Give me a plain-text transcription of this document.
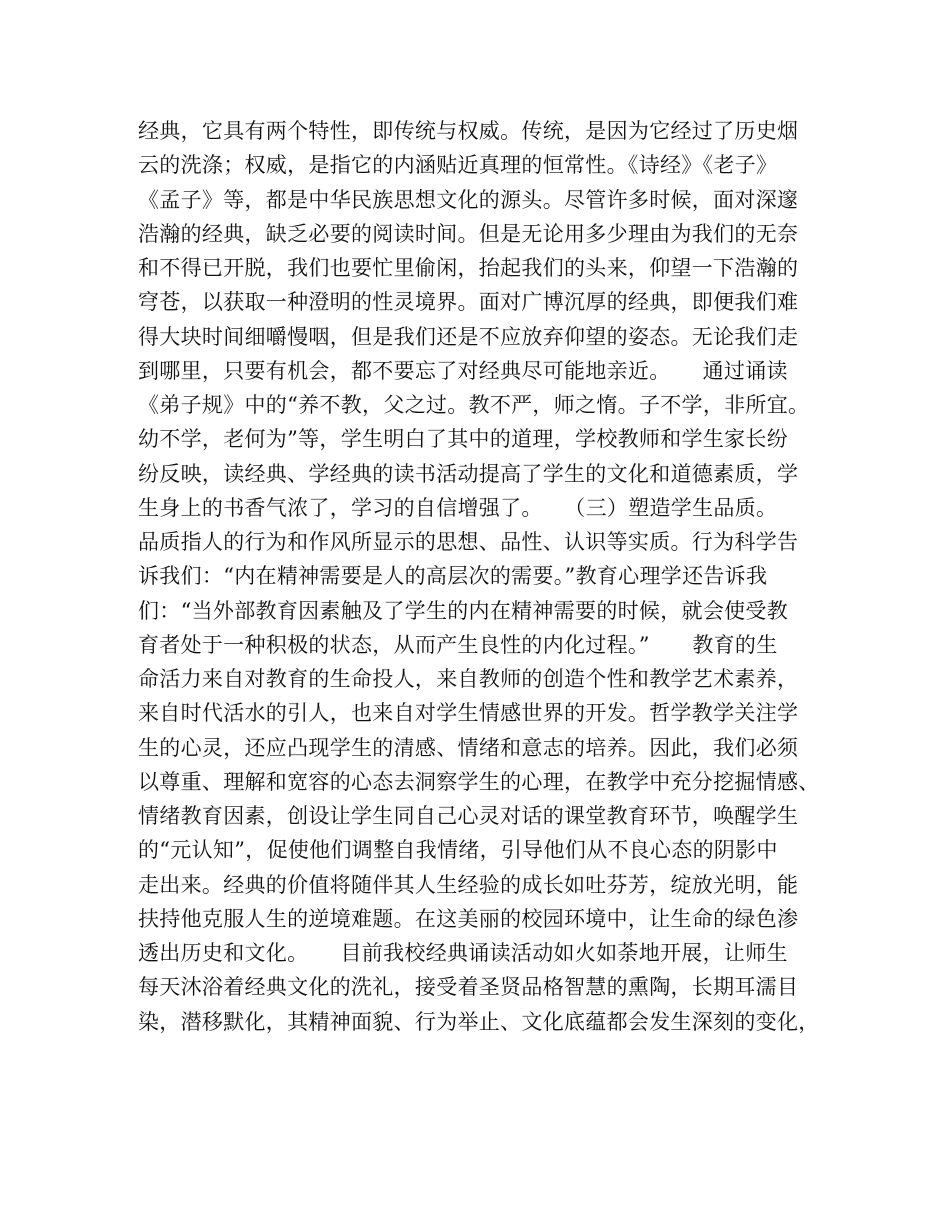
经典，它具有两个特性，即传统与权威。传统，是因为它经过了历史烟
云的洗涤；权威，是指它的内涵贴近真理的恒常性。《诗经》《老子》
《孟子》等，都是中华民族思想文化的源头。尽管许多时候，面对深邃
浩瀚的经典，缺乏必要的阅读时间。但是无论用多少理由为我们的无奈
和不得已开脱，我们也要忙里偷闲，抬起我们的头来，仰望一下浩瀚的
穹苍，以获取一种澄明的性灵境界。面对广博沉厚的经典，即便我们难
得大块时间细嚼慢咽，但是我们还是不应放弃仰望的姿态。无论我们走
到哪里，只要有机会，都不要忘了对经典尽可能地亲近。　　通过诵读
《弟子规》中的“养不教，父之过。教不严，师之惰。子不学，非所宜。
幼不学，老何为”等，学生明白了其中的道理，学校教师和学生家长纷
纷反映，读经典、学经典的读书活动提高了学生的文化和道德素质，学
生身上的书香气浓了，学习的自信增强了。　　（三）塑造学生品质。
品质指人的行为和作风所显示的思想、品性、认识等实质。行为科学告
诉我们：“内在精神需要是人的高层次的需要。”教育心理学还告诉我
们：“当外部教育因素触及了学生的内在精神需要的时候，就会使受教
育者处于一种积极的状态，从而产生良性的内化过程。”　　教育的生
命活力来自对教育的生命投人，来自教师的创造个性和教学艺术素养，
来自时代活水的引人，也来自对学生情感世界的开发。哲学教学关注学
生的心灵，还应凸现学生的清感、情绪和意志的培养。因此，我们必须
以尊重、理解和宽容的心态去洞察学生的心理，在教学中充分挖掘情感、
情绪教育因素，创设让学生同自己心灵对话的课堂教育环节，唤醒学生
的“元认知”，促使他们调整自我情绪，引导他们从不良心态的阴影中
走出来。经典的价值将随伴其人生经验的成长如吐芬芳，绽放光明，能
扶持他克服人生的逆境难题。在这美丽的校园环境中，让生命的绿色渗
透出历史和文化。　　目前我校经典诵读活动如火如荼地开展，让师生
每天沐浴着经典文化的洗礼，接受着圣贤品格智慧的熏陶，长期耳濡目
染，潜移默化，其精神面貌、行为举止、文化底蕴都会发生深刻的变化，
